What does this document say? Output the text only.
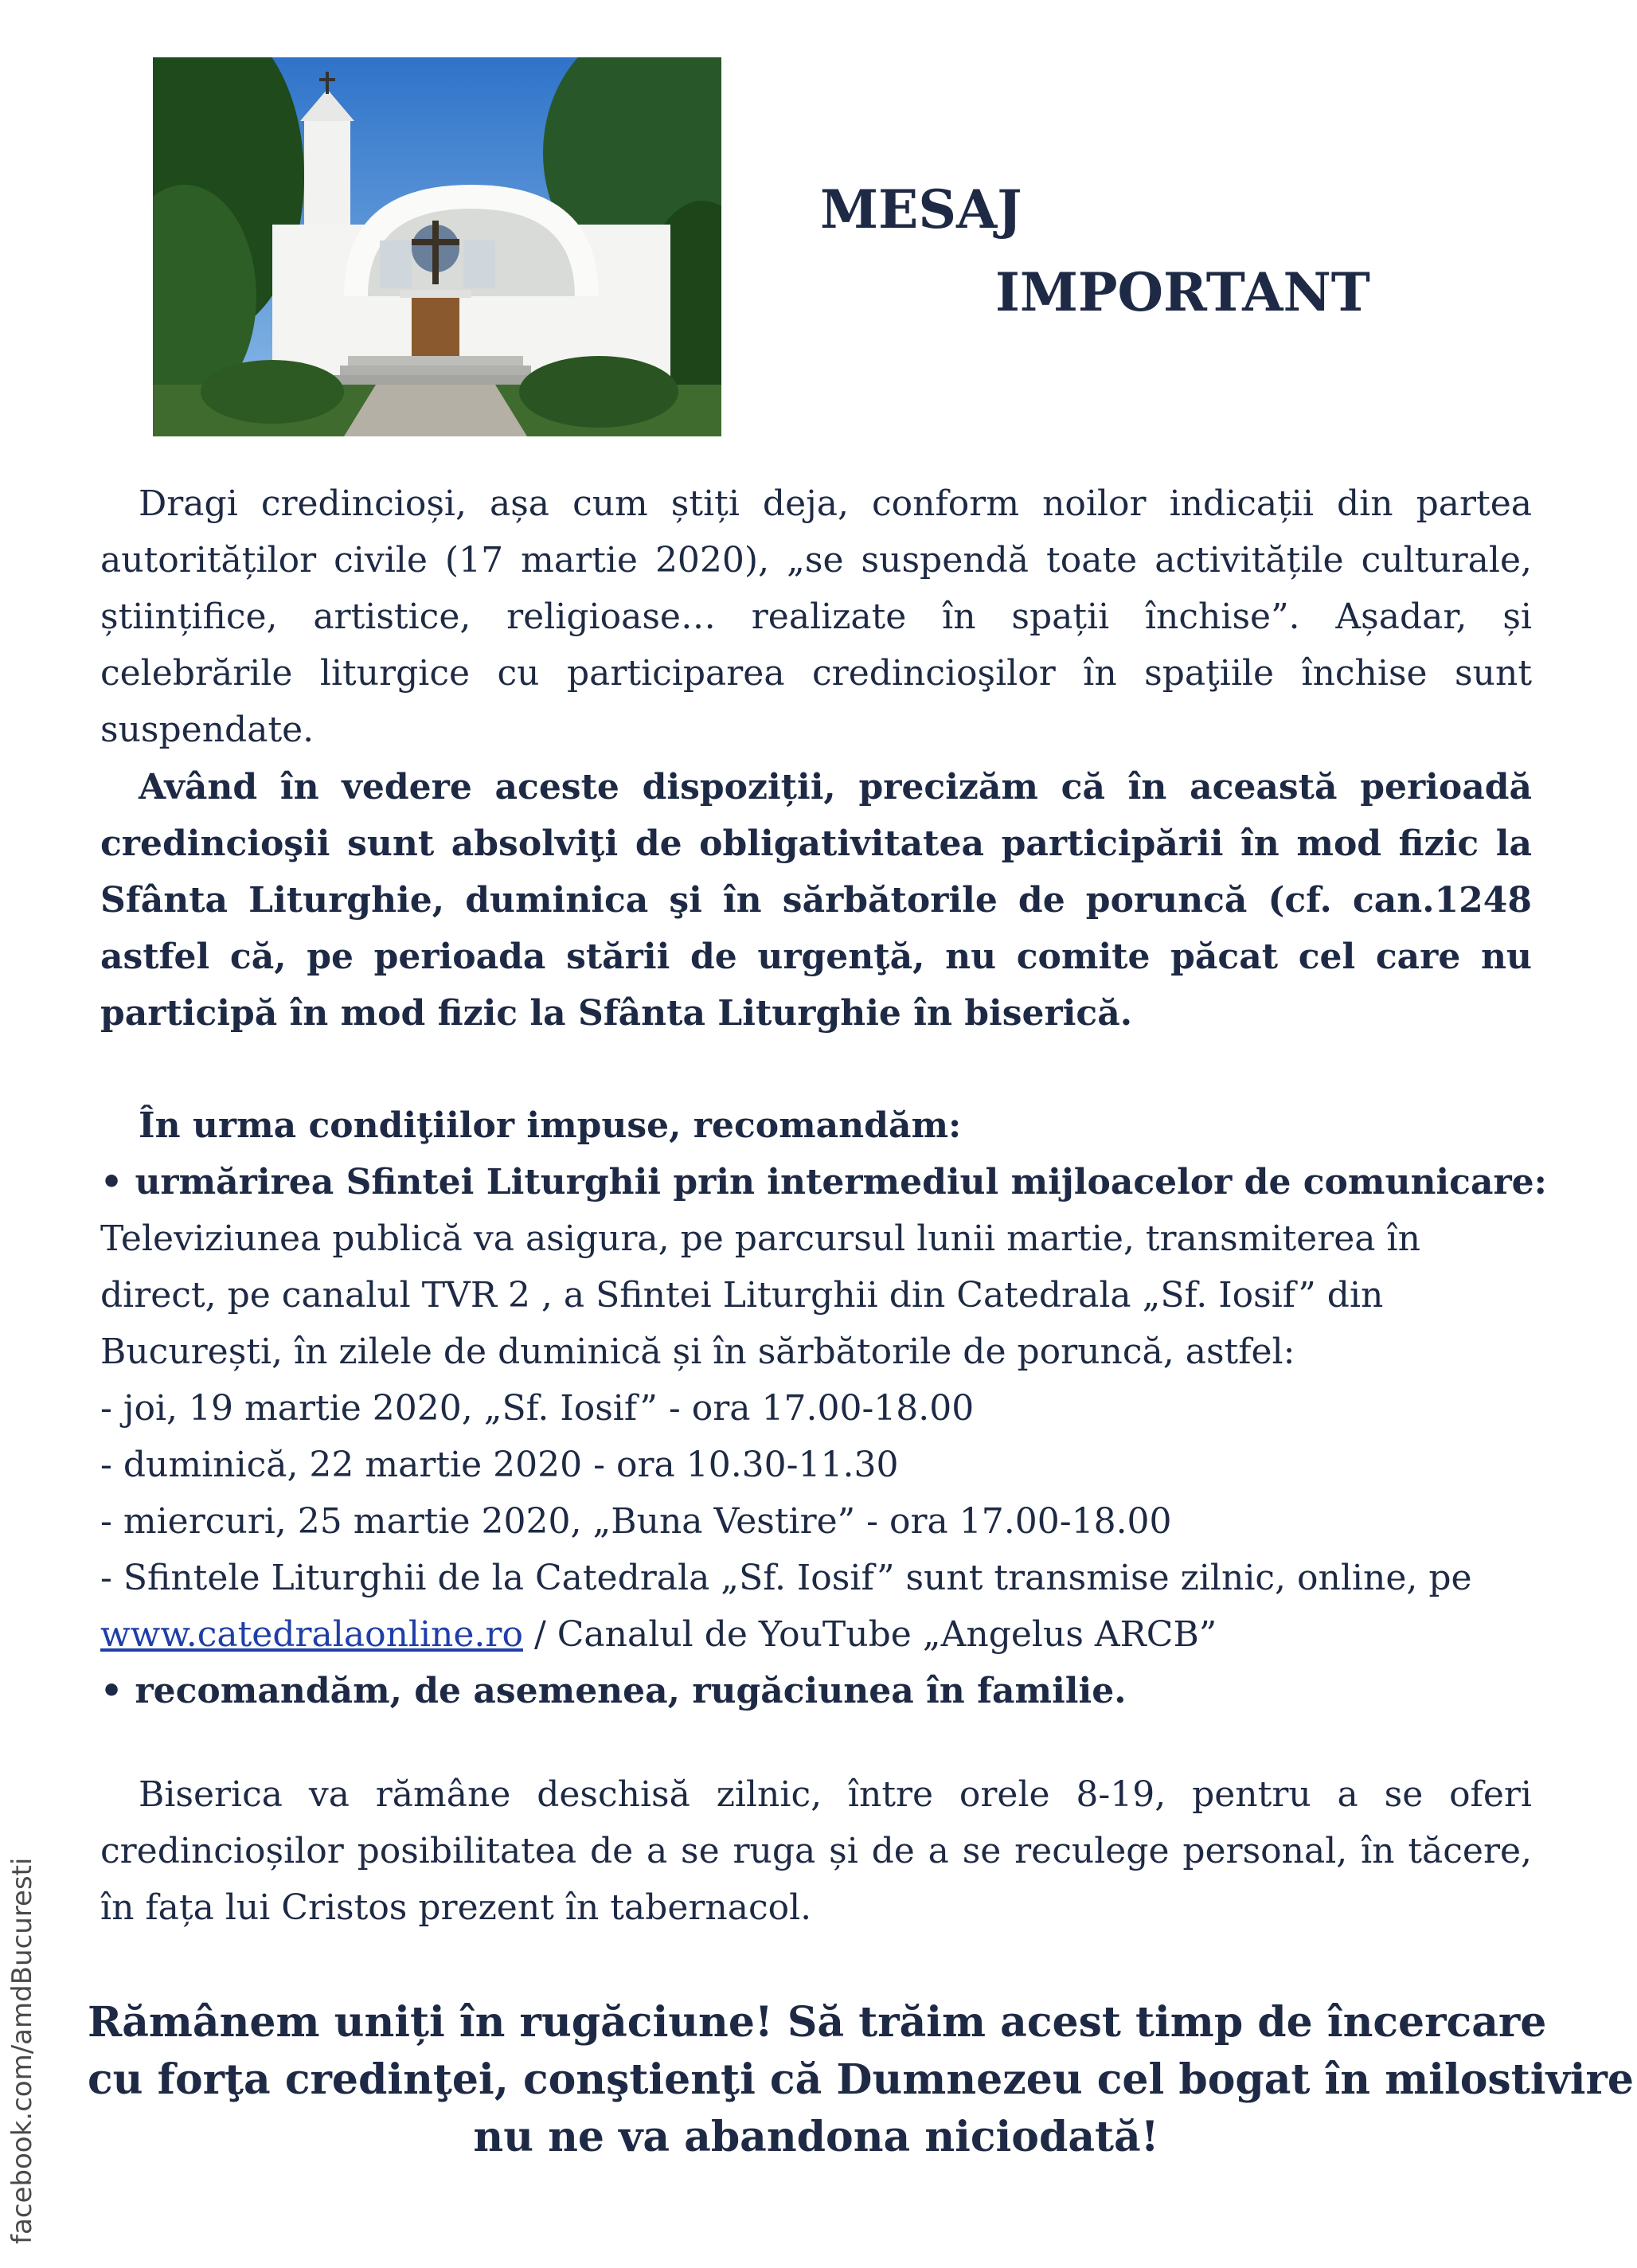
MESAJ
IMPORTANT
Dragi credincioși, așa cum știți deja, conform noilor indicații din partea
autorităților civile (17 martie 2020), „se suspendă toate activitățile culturale,
științifice, artistice, religioase… realizate în spații închise”. Așadar, și
celebrările liturgice cu participarea credincioşilor în spaţiile închise sunt
suspendate.
Având în vedere aceste dispoziții, precizăm că în această perioadă
credincioşii sunt absolviţi de obligativitatea participării în mod fizic la
Sfânta Liturghie, duminica şi în sărbătorile de poruncă (cf. can.1248
astfel că, pe perioada stării de urgenţă, nu comite păcat cel care nu
participă în mod fizic la Sfânta Liturghie în biserică.
În urma condiţiilor impuse, recomandăm:
• urmărirea Sfintei Liturghii prin intermediul mijloacelor de comunicare:
Televiziunea publică va asigura, pe parcursul lunii martie, transmiterea în
direct, pe canalul TVR 2 , a Sfintei Liturghii din Catedrala „Sf. Iosif” din
București, în zilele de duminică și în sărbătorile de poruncă, astfel:
- joi, 19 martie 2020, „Sf. Iosif” - ora 17.00-18.00
- duminică, 22 martie 2020 - ora 10.30-11.30
- miercuri, 25 martie 2020, „Buna Vestire” - ora 17.00-18.00
- Sfintele Liturghii de la Catedrala „Sf. Iosif” sunt transmise zilnic, online, pe
www.catedralaonline.ro / Canalul de YouTube „Angelus ARCB”
• recomandăm, de asemenea, rugăciunea în familie.
Biserica va rămâne deschisă zilnic, între orele 8-19, pentru a se oferi
credincioșilor posibilitatea de a se ruga și de a se reculege personal, în tăcere,
în fața lui Cristos prezent în tabernacol.
Rămânem uniți în rugăciune! Să trăim acest timp de încercare
cu forţa credinţei, conştienţi că Dumnezeu cel bogat în milostivire
nu ne va abandona niciodată!
facebook.com/amdBucuresti
